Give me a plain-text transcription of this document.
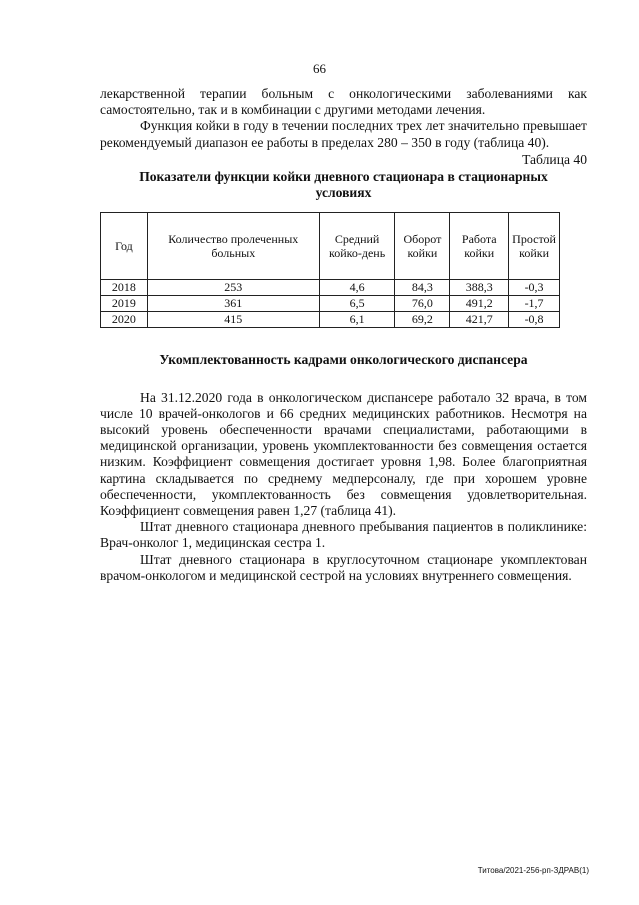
66

лекарственной терапии больным с онкологическими заболеваниями как самостоятельно, так и в комбинации с другими методами лечения.

Функция койки в году в течении последних трех лет значительно превышает рекомендуемый диапазон ее работы в пределах 280 – 350 в году (таблица 40).

Таблица 40

Показатели функции койки дневного стационара в стационарных условиях

Год	Количество пролеченных больных	Средний койко-день	Оборот койки	Работа койки	Простой койки
2018	253	4,6	84,3	388,3	-0,3
2019	361	6,5	76,0	491,2	-1,7
2020	415	6,1	69,2	421,7	-0,8

Укомплектованность кадрами онкологического диспансера

На 31.12.2020 года в онкологическом диспансере работало 32 врача, в том числе 10 врачей-онкологов и 66 средних медицинских работников. Несмотря на высокий уровень обеспеченности врачами специалистами, работающими в медицинской организации, уровень укомплектованности без совмещения остается низким. Коэффициент совмещения достигает уровня 1,98. Более благоприятная картина складывается по среднему медперсоналу, где при хорошем уровне обеспеченности, укомплектованность без совмещения удовлетворительная. Коэффициент совмещения равен 1,27 (таблица 41).

Штат дневного стационара дневного пребывания пациентов в поликлинике: Врач-онколог 1, медицинская сестра 1.

Штат дневного стационара в круглосуточном стационаре укомплектован врачом-онкологом и медицинской сестрой на условиях внутреннего совмещения.

Титова/2021-256-рп-ЗДРАВ(1)
